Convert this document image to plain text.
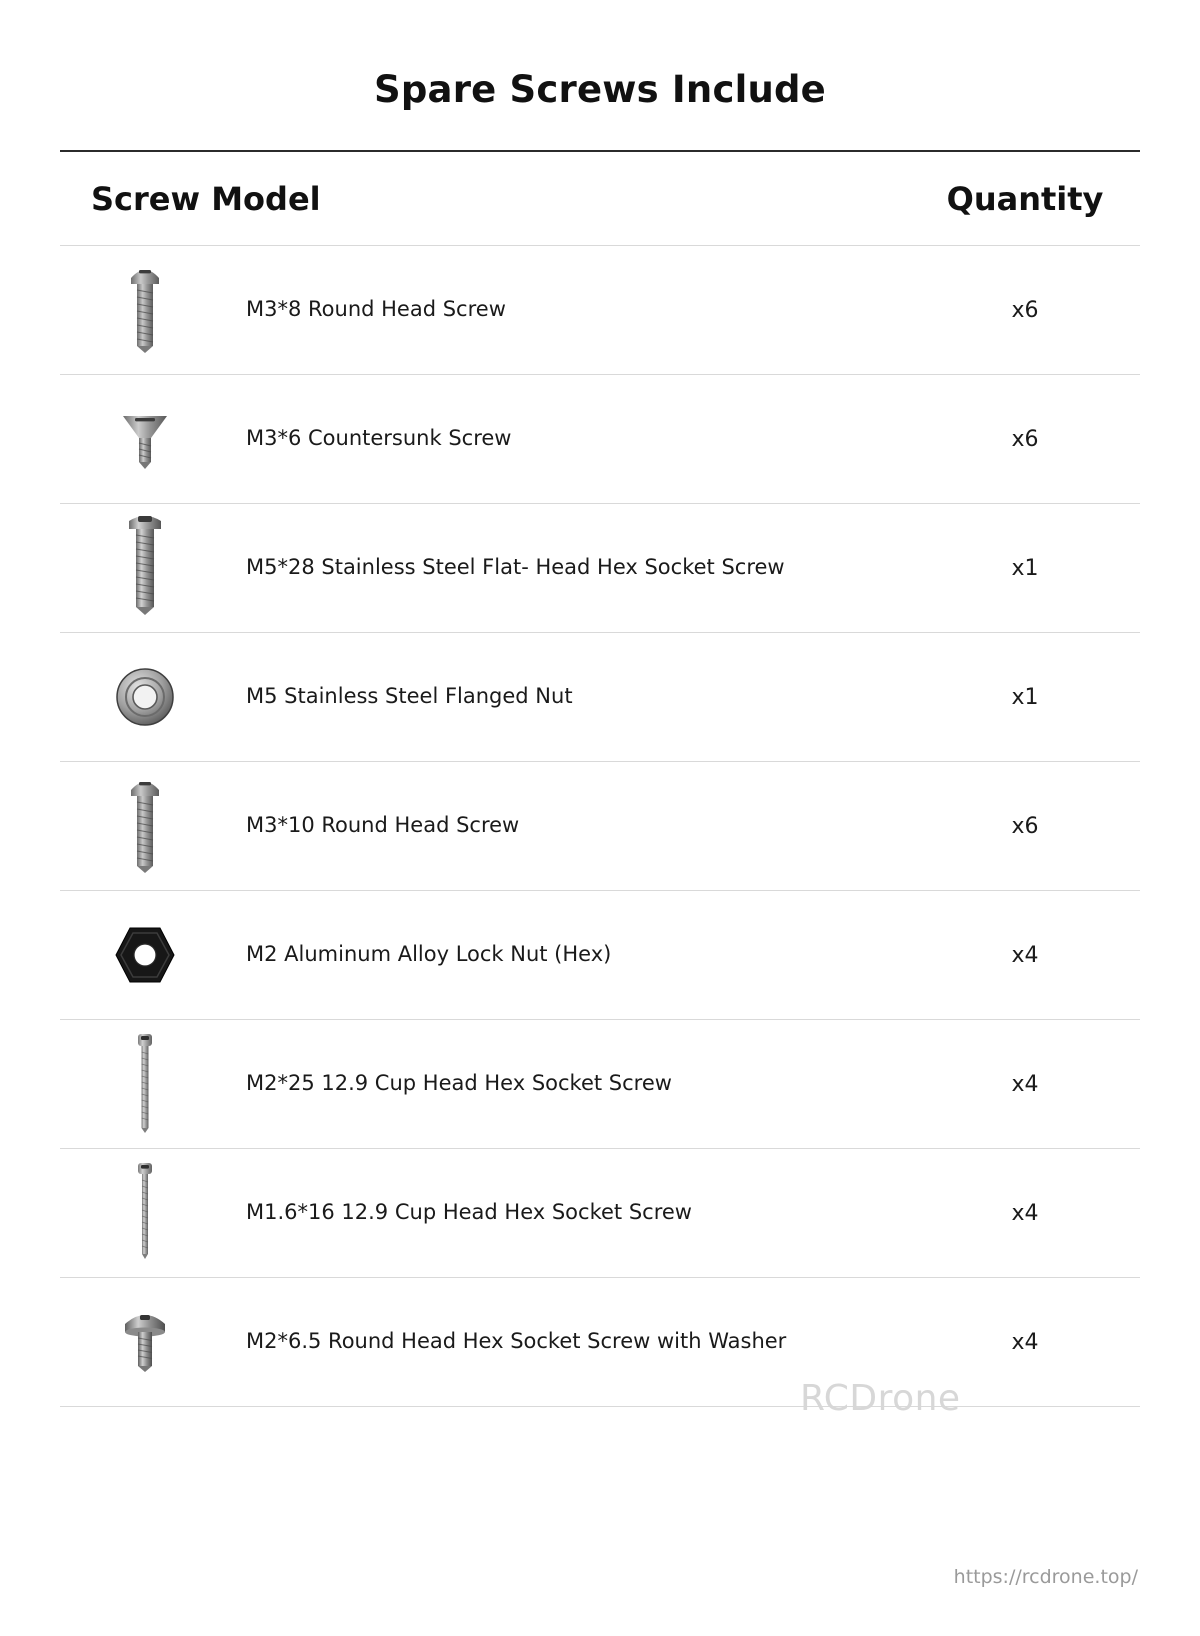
Spare Screws Include
Screw Model	Quantity
M3*8 Round Head Screw	x6
M3*6 Countersunk Screw	x6
M5*28 Stainless Steel Flat- Head Hex Socket Screw	x1
M5 Stainless Steel Flanged Nut	x1
M3*10 Round Head Screw	x6
M2 Aluminum Alloy Lock Nut (Hex)	x4
M2*25 12.9 Cup Head Hex Socket Screw	x4
M1.6*16 12.9 Cup Head Hex Socket Screw	x4
M2*6.5 Round Head Hex Socket Screw with Washer	x4
RCDrone
https://rcdrone.top/
